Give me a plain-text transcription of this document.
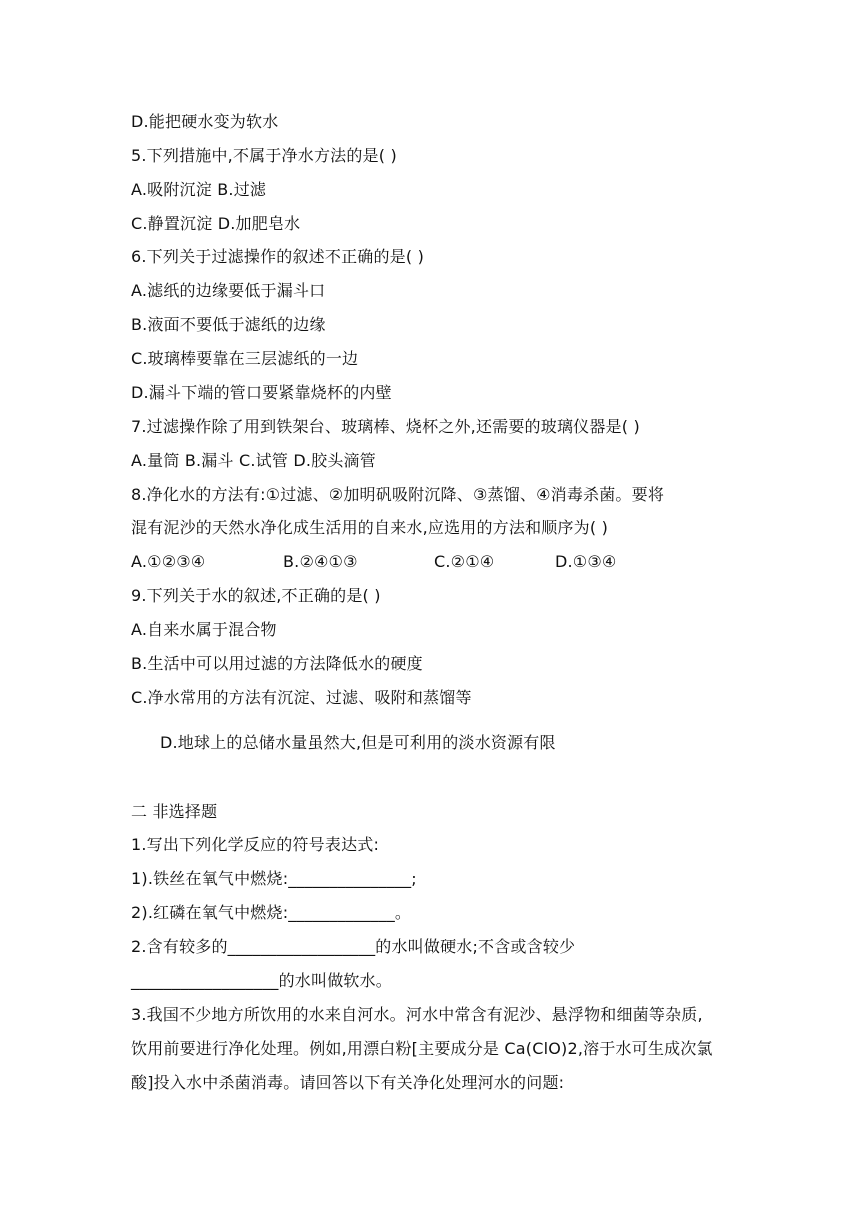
D.能把硬水变为软水
5.下列措施中,不属于净水方法的是( )
A.吸附沉淀 B.过滤
C.静置沉淀 D.加肥皂水
6.下列关于过滤操作的叙述不正确的是( )
A.滤纸的边缘要低于漏斗口
B.液面不要低于滤纸的边缘
C.玻璃棒要靠在三层滤纸的一边
D.漏斗下端的管口要紧靠烧杯的内壁
7.过滤操作除了用到铁架台、玻璃棒、烧杯之外,还需要的玻璃仪器是( )
A.量筒 B.漏斗 C.试管 D.胶头滴管
8.净化水的方法有:①过滤、②加明矾吸附沉降、③蒸馏、④消毒杀菌。要将
混有泥沙的天然水净化成生活用的自来水,应选用的方法和顺序为( )
A.①②③④	B.②④①③	C.②①④	D.①③④
9.下列关于水的叙述,不正确的是( )
A.自来水属于混合物
B.生活中可以用过滤的方法降低水的硬度
C.净水常用的方法有沉淀、过滤、吸附和蒸馏等
D.地球上的总储水量虽然大,但是可利用的淡水资源有限
二 非选择题
1.写出下列化学反应的符号表达式:
1).铁丝在氧气中燃烧:_______________;
2).红磷在氧气中燃烧:_____________。
2.含有较多的__________________的水叫做硬水;不含或含较少
__________________的水叫做软水。
3.我国不少地方所饮用的水来自河水。河水中常含有泥沙、悬浮物和细菌等杂质,
饮用前要进行净化处理。例如,用漂白粉[主要成分是 Ca(ClO)2,溶于水可生成次氯
酸]投入水中杀菌消毒。请回答以下有关净化处理河水的问题:
